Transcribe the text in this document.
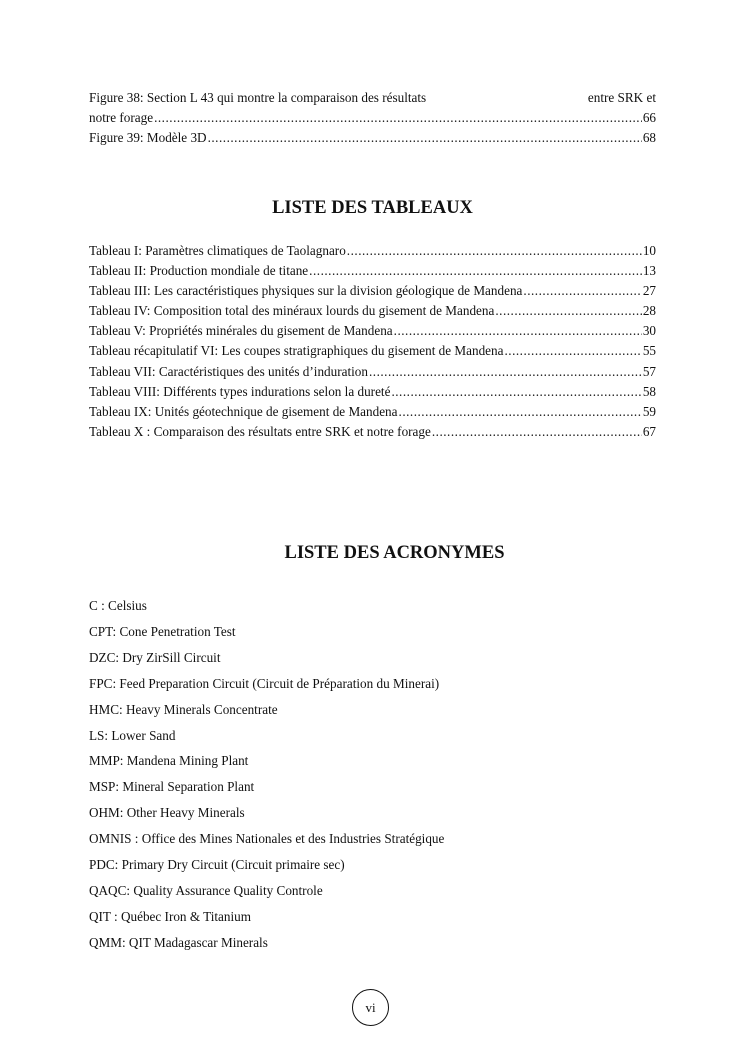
Figure 38: Section L 43 qui montre la comparaison des résultats	entre SRK et
notre forage .....	66
Figure 39: Modèle 3D .....	68
LISTE DES TABLEAUX
Tableau I: Paramètres climatiques de Taolagnaro .....	10
Tableau II: Production mondiale de titane .....	13
Tableau III: Les caractéristiques physiques sur la division géologique de Mandena .....	27
Tableau IV: Composition total des minéraux lourds du gisement de Mandena .....	28
Tableau V: Propriétés minérales du gisement de Mandena .....	30
Tableau récapitulatif VI: Les coupes stratigraphiques du gisement de Mandena .....	55
Tableau VII: Caractéristiques des unités d’induration .....	57
Tableau VIII: Différents types indurations selon la dureté .....	58
Tableau IX: Unités géotechnique de gisement de Mandena .....	59
Tableau X : Comparaison des résultats entre SRK et notre forage .....	67
LISTE DES ACRONYMES
C : Celsius
CPT: Cone Penetration Test
DZC: Dry ZirSill Circuit
FPC: Feed Preparation Circuit (Circuit de Préparation du Minerai)
HMC: Heavy Minerals Concentrate
LS: Lower Sand
MMP: Mandena Mining Plant
MSP: Mineral Separation Plant
OHM: Other Heavy Minerals
OMNIS : Office des Mines Nationales et des Industries Stratégique
PDC: Primary Dry Circuit (Circuit primaire sec)
QAQC: Quality Assurance Quality Controle
QIT : Québec Iron & Titanium
QMM: QIT Madagascar Minerals
vi
